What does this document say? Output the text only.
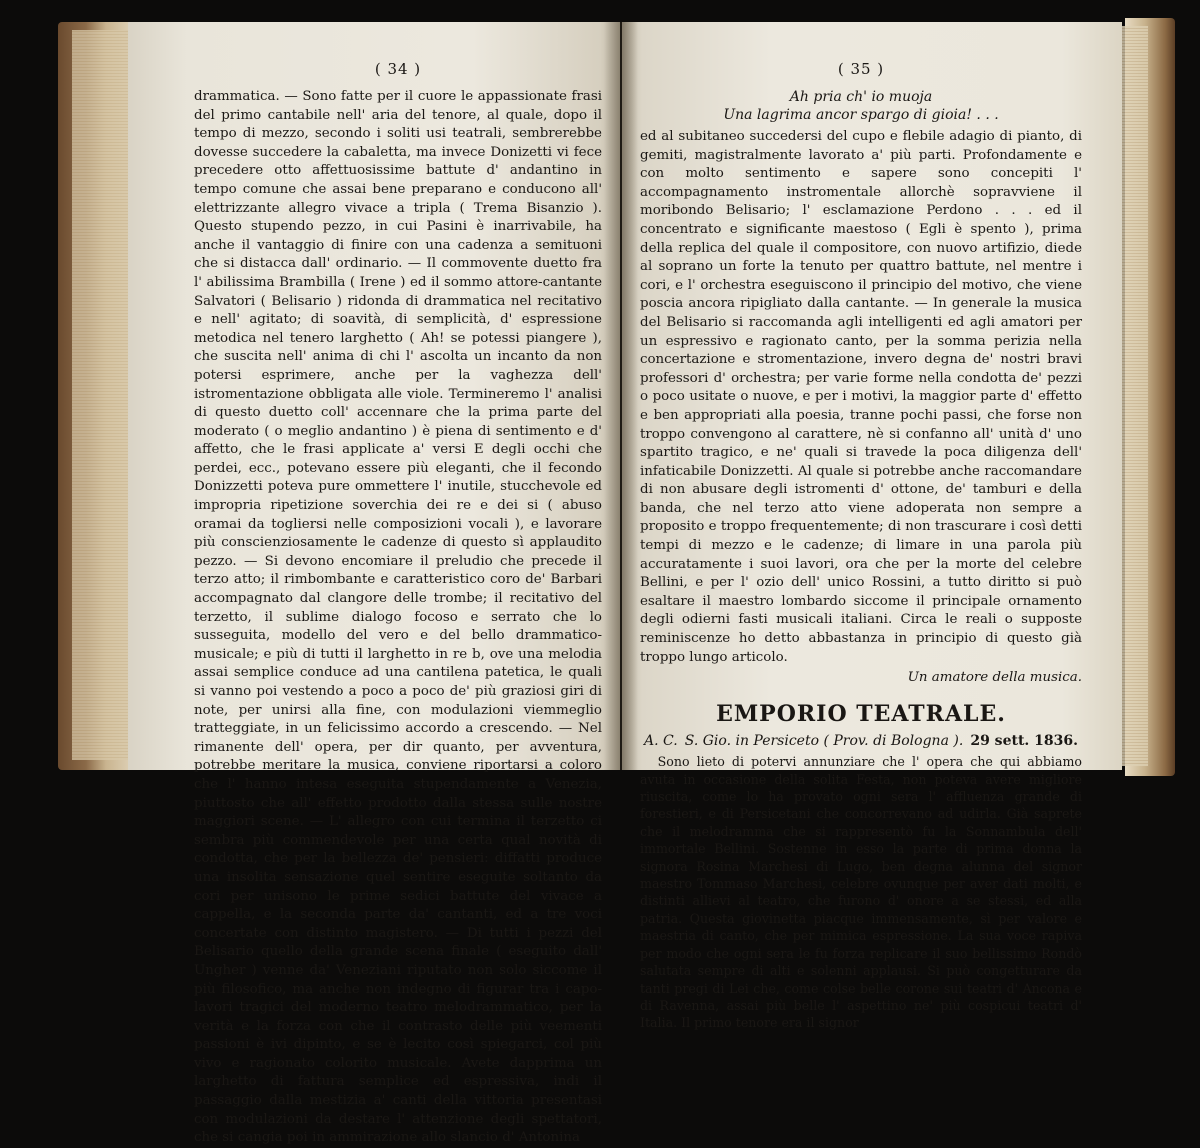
( 34 )

drammatica. — Sono fatte per il cuore le appassionate frasi del primo cantabile nell' aria del tenore, al quale, dopo il tempo di mezzo, secondo i soliti usi teatrali, sembrerebbe dovesse succedere la cabaletta, ma invece Donizetti vi fece precedere otto affettuosissime battute d' andantino in tempo comune che assai bene preparano e conducono all' elettrizzante allegro vivace a tripla ( Trema Bisanzio ). Questo stupendo pezzo, in cui Pasini è inarrivabile, ha anche il vantaggio di finire con una cadenza a semituoni che si distacca dall' ordinario. — Il commovente duetto fra l' abilissima Brambilla ( Irene ) ed il sommo attore-cantante Salvatori ( Belisario ) ridonda di drammatica nel recitativo e nell' agitato; di soavità, di semplicità, d' espressione metodica nel tenero larghetto ( Ah! se potessi piangere ), che suscita nell' anima di chi l' ascolta un incanto da non potersi esprimere, anche per la vaghezza dell' istromentazione obbligata alle viole. Termineremo l' analisi di questo duetto coll' accennare che la prima parte del moderato ( o meglio andantino ) è piena di sentimento e d' affetto, che le frasi applicate a' versi E degli occhi che perdei, ecc., potevano essere più eleganti, che il fecondo Donizzetti poteva pure ommettere l' inutile, stucchevole ed impropria ripetizione soverchia dei re e dei si ( abuso oramai da togliersi nelle composizioni vocali ), e lavorare più conscienziosamente le cadenze di questo sì applaudito pezzo. — Si devono encomiare il preludio che precede il terzo atto; il rimbombante e caratteristico coro de' Barbari accompagnato dal clangore delle trombe; il recitativo del terzetto, il sublime dialogo focoso e serrato che lo susseguita, modello del vero e del bello drammatico-musicale; e più di tutti il larghetto in re b, ove una melodia assai semplice conduce ad una cantilena patetica, le quali si vanno poi vestendo a poco a poco de' più graziosi giri di note, per unirsi alla fine, con modulazioni viemmeglio tratteggiate, in un felicissimo accordo a crescendo. — Nel rimanente dell' opera, per dir quanto, per avventura, potrebbe meritare la musica, conviene riportarsi a coloro che l' hanno intesa eseguita stupendamente a Venezia, piuttosto che all' effetto prodotto dalla stessa sulle nostre maggiori scene. — L' allegro con cui termina il terzetto ci sembra più commendevole per una certa qual novità di condotta, che per la bellezza de' pensieri: diffatti produce una insolita sensazione quel sentire eseguite soltanto da cori per unisono le prime sedici battute del vivace a cappella, e la seconda parte da' cantanti, ed a tre voci concertate con distinto magistero. — Di tutti i pezzi del Belisario quello della grande scena finale ( eseguito dall' Ungher ) venne da' Veneziani riputato non solo siccome il più filosofico, ma anche non indegno di figurar tra i capo-lavori tragici del moderno teatro melodrammatico, per la verità e la forza con che il contrasto delle più veementi passioni è ivi dipinto, e se è lecito così spiegarci, col più vivo e ragionato colorito musicale. Avete dapprima un larghetto di fattura semplice ed espressiva, indi il passaggio dalla mestizia a' canti della vittoria presentasi con modulazioni da destare l' attenzione degli spettatori, che si cangia poi in ammirazione allo slancio d' Antonina

( 35 )
Ah pria ch' io muoja
Una lagrima ancor spargo di gioia! . . .

ed al subitaneo succedersi del cupo e flebile adagio di pianto, di gemiti, magistralmente lavorato a' più parti. Profondamente e con molto sentimento e sapere sono concepiti l' accompagnamento instromentale allorchè sopravviene il moribondo Belisario; l' esclamazione Perdono . . . ed il concentrato e significante maestoso ( Egli è spento ), prima della replica del quale il compositore, con nuovo artifizio, diede al soprano un forte la tenuto per quattro battute, nel mentre i cori, e l' orchestra eseguiscono il principio del motivo, che viene poscia ancora ripigliato dalla cantante. — In generale la musica del Belisario si raccomanda agli intelligenti ed agli amatori per un espressivo e ragionato canto, per la somma perizia nella concertazione e stromentazione, invero degna de' nostri bravi professori d' orchestra; per varie forme nella condotta de' pezzi o poco usitate o nuove, e per i motivi, la maggior parte d' effetto e ben appropriati alla poesia, tranne pochi passi, che forse non troppo convengono al carattere, nè si confanno all' unità d' uno spartito tragico, e ne' quali si travede la poca diligenza dell' infaticabile Donizzetti. Al quale si potrebbe anche raccomandare di non abusare degli istromenti d' ottone, de' tamburi e della banda, che nel terzo atto viene adoperata non sempre a proposito e troppo frequentemente; di non trascurare i così detti tempi di mezzo e le cadenze; di limare in una parola più accuratamente i suoi lavori, ora che per la morte del celebre Bellini, e per l' ozio dell' unico Rossini, a tutto diritto si può esaltare il maestro lombardo siccome il principale ornamento degli odierni fasti musicali italiani. Circa le reali o supposte reminiscenze ho detto abbastanza in principio di questo già troppo lungo articolo.

Un amatore della musica.
EMPORIO TEATRALE.
A. C. S. Gio. in Persiceto ( Prov. di Bologna ). 29 sett. 1836.

Sono lieto di potervi annunziare che l' opera che qui abbiamo avuta in occasione della solita Festa, non poteva avere migliore riuscita, come lo ha provato ogni sera l' affluenza grande di forestieri, e di Persicetani che concorrevano ad udirla. Già saprete che il melodramma che si rappresentò fu la Sonnambula dell' immortale Bellini. Sostenne in esso la parte di prima donna la signora Rosina Marchesi di Lugo, ben degna alunna del signor maestro Tommaso Marchesi, celebre ovunque per aver dati molti, e distinti allievi al teatro, che furono d' onore a se stessi, ed alla patria. Questa giovinetta piacque immensamente, sì per valore e maestria di canto, che per mimica espressione. La sua voce rapiva per modo che ogni sera le fu forza replicare il suo bellissimo Rondò salutata sempre di alti e solenni applausi. Si può congetturare da tanti pregi di Lei che, come colse belle corone sui teatri d' Ancona e di Ravenna, assai più belle l' aspettino ne' più cospicui teatri d' Italia. Il primo tenore era il signor
